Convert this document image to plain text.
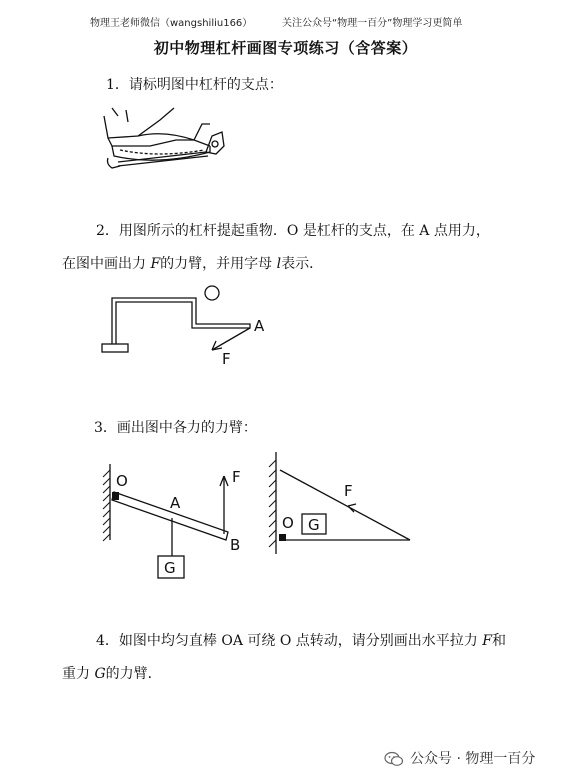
物理王老师微信（wangshiliu166）	关注公众号“物理一百分”物理学习更简单
初中物理杠杆画图专项练习（含答案）
1．请标明图中杠杆的支点：
2．用图所示的杠杆提起重物．O 是杠杆的支点，在 A 点用力，
在图中画出力 F的力臂，并用字母 l表示．
A
F
3．画出图中各力的力臂：
O
A
F
B
G
O G
F
4．如图中均匀直棒 OA 可绕 O 点转动，请分别画出水平拉力 F和
重力 G的力臂．
公众号 · 物理一百分
